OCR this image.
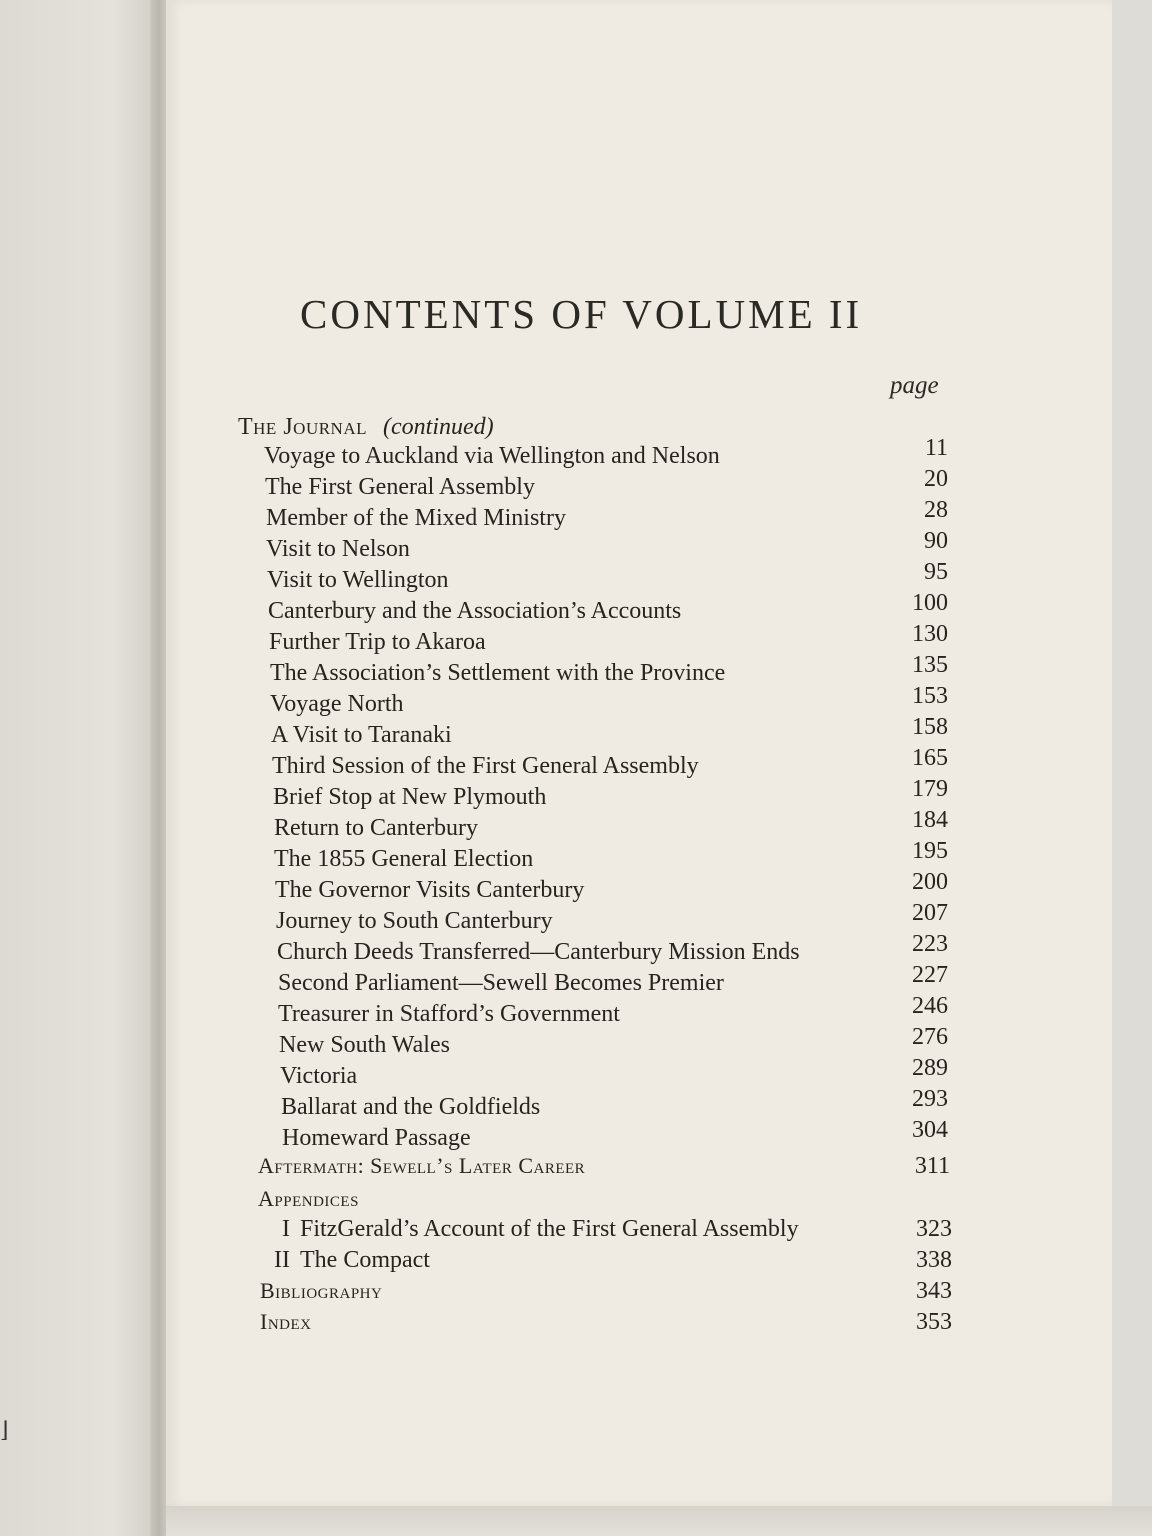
⌋
CONTENTS OF VOLUME II
page
The Journal (continued)
Voyage to Auckland via Wellington and Nelson	11
The First General Assembly	20
Member of the Mixed Ministry	28
Visit to Nelson	90
Visit to Wellington	95
Canterbury and the Association’s Accounts	100
Further Trip to Akaroa	130
The Association’s Settlement with the Province	135
Voyage North	153
A Visit to Taranaki	158
Third Session of the First General Assembly	165
Brief Stop at New Plymouth	179
Return to Canterbury	184
The 1855 General Election	195
The Governor Visits Canterbury	200
Journey to South Canterbury	207
Church Deeds Transferred—Canterbury Mission Ends	223
Second Parliament—Sewell Becomes Premier	227
Treasurer in Stafford’s Government	246
New South Wales	276
Victoria	289
Ballarat and the Goldfields	293
Homeward Passage	304
Aftermath: Sewell’s Later Career	311
Appendices
I FitzGerald’s Account of the First General Assembly	323
II The Compact	338
Bibliography	343
Index	353
